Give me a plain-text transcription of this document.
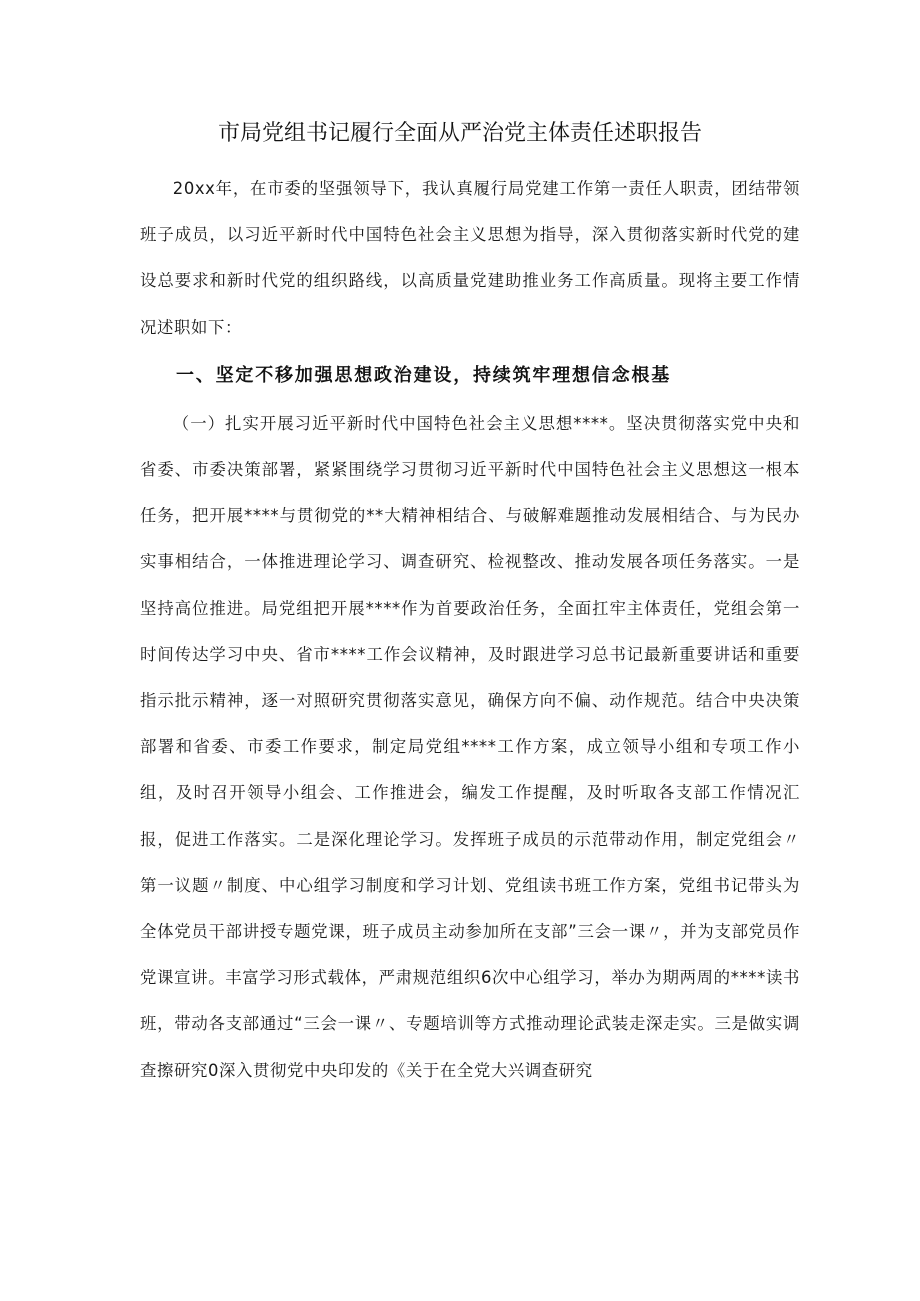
市局党组书记履行全面从严治党主体责任述职报告

20xx年，在市委的坚强领导下，我认真履行局党建工作第一责任人职责，团结带领班子成员，以习近平新时代中国特色社会主义思想为指导，深入贯彻落实新时代党的建设总要求和新时代党的组织路线，以高质量党建助推业务工作高质量。现将主要工作情况述职如下：

一、坚定不移加强思想政治建设，持续筑牢理想信念根基

（一）扎实开展习近平新时代中国特色社会主义思想****。坚决贯彻落实党中央和省委、市委决策部署，紧紧围绕学习贯彻习近平新时代中国特色社会主义思想这一根本任务，把开展****与贯彻党的**大精神相结合、与破解难题推动发展相结合、与为民办实事相结合，一体推进理论学习、调查研究、检视整改、推动发展各项任务落实。一是坚持高位推进。局党组把开展****作为首要政治任务，全面扛牢主体责任，党组会第一时间传达学习中央、省市****工作会议精神，及时跟进学习总书记最新重要讲话和重要指示批示精神，逐一对照研究贯彻落实意见，确保方向不偏、动作规范。结合中央决策部署和省委、市委工作要求，制定局党组****工作方案，成立领导小组和专项工作小组，及时召开领导小组会、工作推进会，编发工作提醒，及时听取各支部工作情况汇报，促进工作落实。二是深化理论学习。发挥班子成员的示范带动作用，制定党组会〃第一议题〃制度、中心组学习制度和学习计划、党组读书班工作方案，党组书记带头为全体党员干部讲授专题党课，班子成员主动参加所在支部”三会一课〃，并为支部党员作党课宣讲。丰富学习形式载体，严肃规范组织6次中心组学习，举办为期两周的****读书班，带动各支部通过“三会一课〃、专题培训等方式推动理论武装走深走实。三是做实调查擦研究0深入贯彻党中央印发的《关于在全党大兴调查研究
